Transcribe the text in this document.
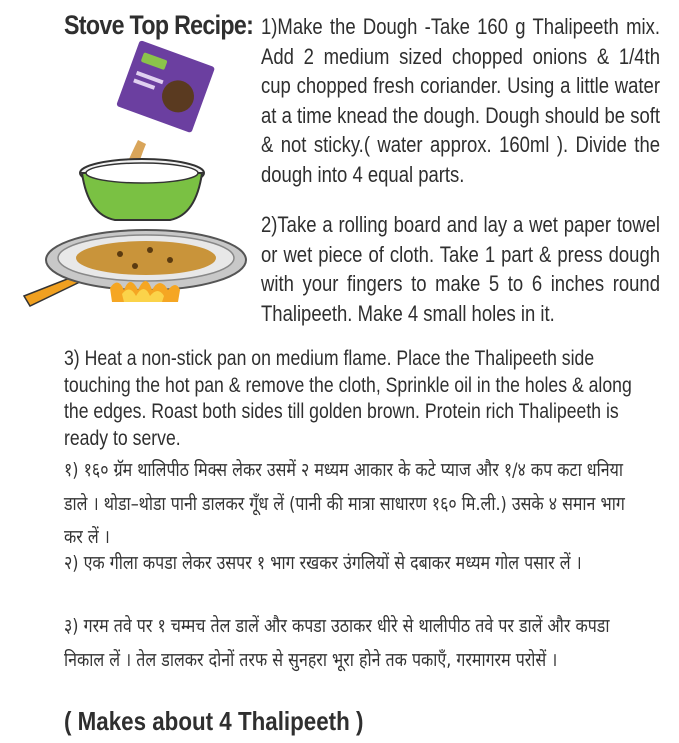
Stove Top Recipe: 1)Make the Dough -Take 160 g Thalipeeth mix. Add 2 medium sized chopped onions & 1/4th cup chopped fresh coriander. Using a little water at a time knead the dough. Dough should be soft & not sticky.( water approx. 160ml ). Divide the dough into 4 equal parts.
2)Take a rolling board and lay a wet paper towel or wet piece of cloth. Take 1 part & press dough with your fingers to make 5 to 6 inches round Thalipeeth. Make 4 small holes in it.
3) Heat a non-stick pan on medium flame. Place the Thalipeeth side touching the hot pan & remove the cloth, Sprinkle oil in the holes & along the edges. Roast both sides till golden brown. Protein rich Thalipeeth is ready to serve.
१) १६० ग्रॅम थालिपीठ मिक्स लेकर उसमें २ मध्यम आकार के कटे प्याज और १/४ कप कटा धनिया डाले । थोडा–थोडा पानी डालकर गूँध लें (पानी की मात्रा साधारण १६० मि.ली.) उसके ४ समान भाग कर लें ।
२) एक गीला कपडा लेकर उसपर १ भाग रखकर उंगलियों से दबाकर मध्यम गोल पसार लें ।
३) गरम तवे पर १ चम्मच तेल डालें और कपडा उठाकर धीरे से थालीपीठ तवे पर डालें और कपडा निकाल लें । तेल डालकर दोनों तरफ से सुनहरा भूरा होने तक पकाएँ, गरमागरम परोसें ।
( Makes about 4 Thalipeeth )
